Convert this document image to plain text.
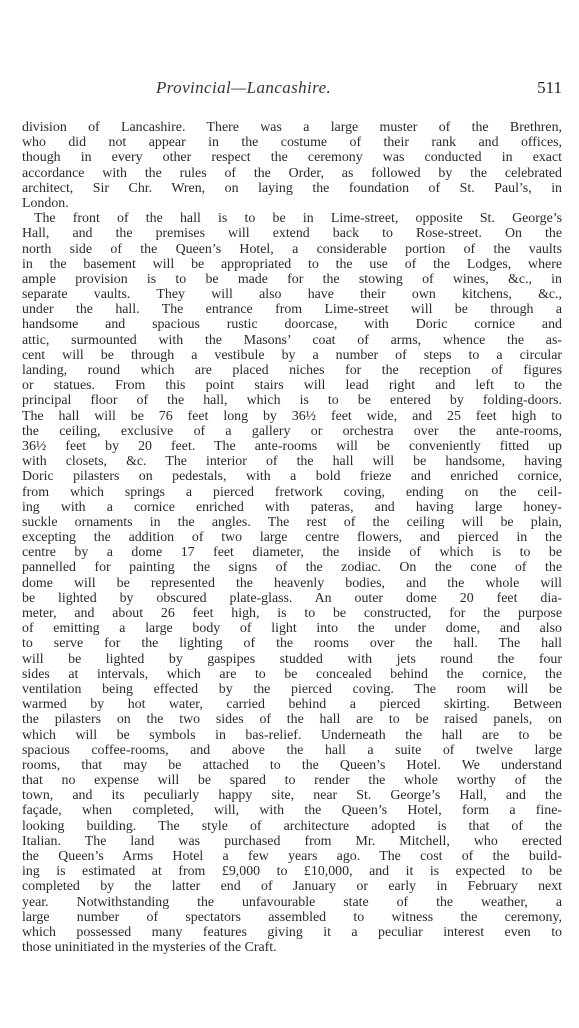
Provincial—Lancashire.	511
division of Lancashire. There was a large muster of the Brethren,
who did not appear in the costume of their rank and offices,
though in every other respect the ceremony was conducted in exact
accordance with the rules of the Order, as followed by the celebrated
architect, Sir Chr. Wren, on laying the foundation of St. Paul’s, in
London.
The front of the hall is to be in Lime-street, opposite St. George’s
Hall, and the premises will extend back to Rose-street. On the
north side of the Queen’s Hotel, a considerable portion of the vaults
in the basement will be appropriated to the use of the Lodges, where
ample provision is to be made for the stowing of wines, &c., in
separate vaults. They will also have their own kitchens, &c.,
under the hall. The entrance from Lime-street will be through a
handsome and spacious rustic doorcase, with Doric cornice and
attic, surmounted with the Masons’ coat of arms, whence the as-
cent will be through a vestibule by a number of steps to a circular
landing, round which are placed niches for the reception of figures
or statues. From this point stairs will lead right and left to the
principal floor of the hall, which is to be entered by folding-doors.
The hall will be 76 feet long by 36½ feet wide, and 25 feet high to
the ceiling, exclusive of a gallery or orchestra over the ante-rooms,
36½ feet by 20 feet. The ante-rooms will be conveniently fitted up
with closets, &c. The interior of the hall will be handsome, having
Doric pilasters on pedestals, with a bold frieze and enriched cornice,
from which springs a pierced fretwork coving, ending on the ceil-
ing with a cornice enriched with pateras, and having large honey-
suckle ornaments in the angles. The rest of the ceiling will be plain,
excepting the addition of two large centre flowers, and pierced in the
centre by a dome 17 feet diameter, the inside of which is to be
pannelled for painting the signs of the zodiac. On the cone of the
dome will be represented the heavenly bodies, and the whole will
be lighted by obscured plate-glass. An outer dome 20 feet dia-
meter, and about 26 feet high, is to be constructed, for the purpose
of emitting a large body of light into the under dome, and also
to serve for the lighting of the rooms over the hall. The hall
will be lighted by gaspipes studded with jets round the four
sides at intervals, which are to be concealed behind the cornice, the
ventilation being effected by the pierced coving. The room will be
warmed by hot water, carried behind a pierced skirting. Between
the pilasters on the two sides of the hall are to be raised panels, on
which will be symbols in bas-relief. Underneath the hall are to be
spacious coffee-rooms, and above the hall a suite of twelve large
rooms, that may be attached to the Queen’s Hotel. We understand
that no expense will be spared to render the whole worthy of the
town, and its peculiarly happy site, near St. George’s Hall, and the
façade, when completed, will, with the Queen’s Hotel, form a fine-
looking building. The style of architecture adopted is that of the
Italian. The land was purchased from Mr. Mitchell, who erected
the Queen’s Arms Hotel a few years ago. The cost of the build-
ing is estimated at from £9,000 to £10,000, and it is expected to be
completed by the latter end of January or early in February next
year. Notwithstanding the unfavourable state of the weather, a
large number of spectators assembled to witness the ceremony,
which possessed many features giving it a peculiar interest even to
those uninitiated in the mysteries of the Craft.
